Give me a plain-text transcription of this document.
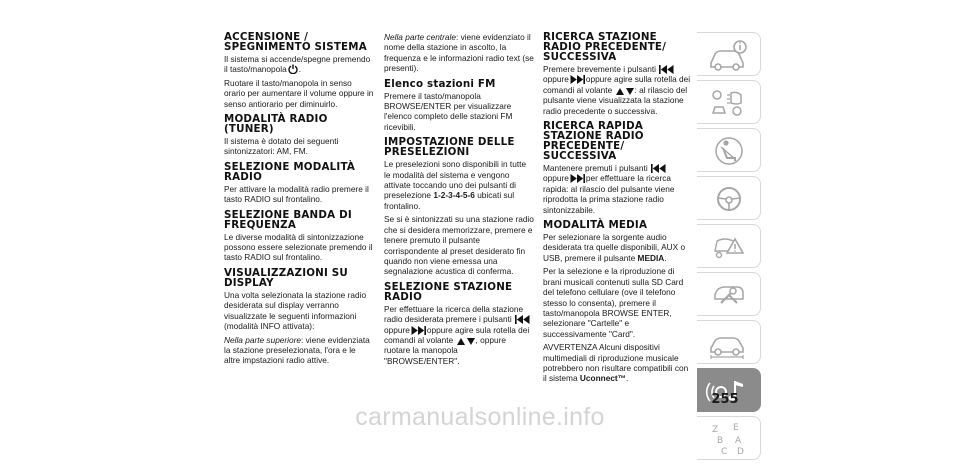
ACCENSIONE / SPEGNIMENTO SISTEMA

Il sistema si accende/spegne premendo il tasto/manopola .

Ruotare il tasto/manopola in senso orario per aumentare il volume oppure in senso antiorario per diminuirlo.

MODALITÀ RADIO (TUNER)

Il sistema è dotato dei seguenti sintonizzatori: AM, FM.

SELEZIONE MODALITÀ RADIO

Per attivare la modalità radio premere il tasto RADIO sul frontalino.

SELEZIONE BANDA DI FREQUENZA

Le diverse modalità di sintonizzazione possono essere selezionate premendo il tasto RADIO sul frontalino.

VISUALIZZAZIONI SU DISPLAY

Una volta selezionata la stazione radio desiderata sul display verranno visualizzate le seguenti informazioni (modalità INFO attivata):

Nella parte superiore: viene evidenziata la stazione preselezionata, l'ora e le altre impstazioni radio attive.

Nella parte centrale: viene evidenziato il nome della stazione in ascolto, la frequenza e le informazioni radio text (se presenti).

Elenco stazioni FM

Premere il tasto/manopola BROWSE/ENTER per visualizzare l'elenco completo delle stazioni FM ricevibili.

IMPOSTAZIONE DELLE PRESELEZIONI

Le preselezioni sono disponibili in tutte le modalità del sistema e vengono attivate toccando uno dei pulsanti di preselezione 1-2-3-4-5-6 ubicati sul frontalino.

Se si è sintonizzati su una stazione radio che si desidera memorizzare, premere e tenere premuto il pulsante corrispondente al preset desiderato fin quando non viene emessa una segnalazione acustica di conferma.

SELEZIONE STAZIONE RADIO

Per effettuare la ricerca della stazione radio desiderata premere i pulsanti
oppure oppure agire sula rotella dei comandi al volante	, oppure ruotare la manopola "BROWSE/ENTER".

RICERCA STAZIONE RADIO PRECEDENTE/ SUCCESSIVA

Premere brevemente i pulsanti
oppure oppure agire sulla rotella dei comandi al volante	: al rilascio del pulsante viene visualizzata la stazione radio precedente o successiva.

RICERCA RAPIDA STAZIONE RADIO PRECEDENTE/ SUCCESSIVA

Mantenere premuti i pulsanti
oppure per effettuare la ricerca rapida: al rilascio del pulsante viene riprodotta la prima stazione radio sintonizzabile.

MODALITÀ MEDIA

Per selezionare la sorgente audio desiderata tra quelle disponibili, AUX o USB, premere il pulsante MEDIA.

Per la selezione e la riproduzione di brani musicali contenuti sulla SD Card del telefono cellulare (ove il telefono stesso lo consenta), premere il tasto/manopola BROWSE ENTER, selezionare "Cartelle" e successivamente "Card".

AVVERTENZA Alcuni dispositivi multimediali di riproduzione musicale potrebbero non risultare compatibili con il sistema Uconnect™.

Z E
B A
C D
255
carmanualsonline.info
